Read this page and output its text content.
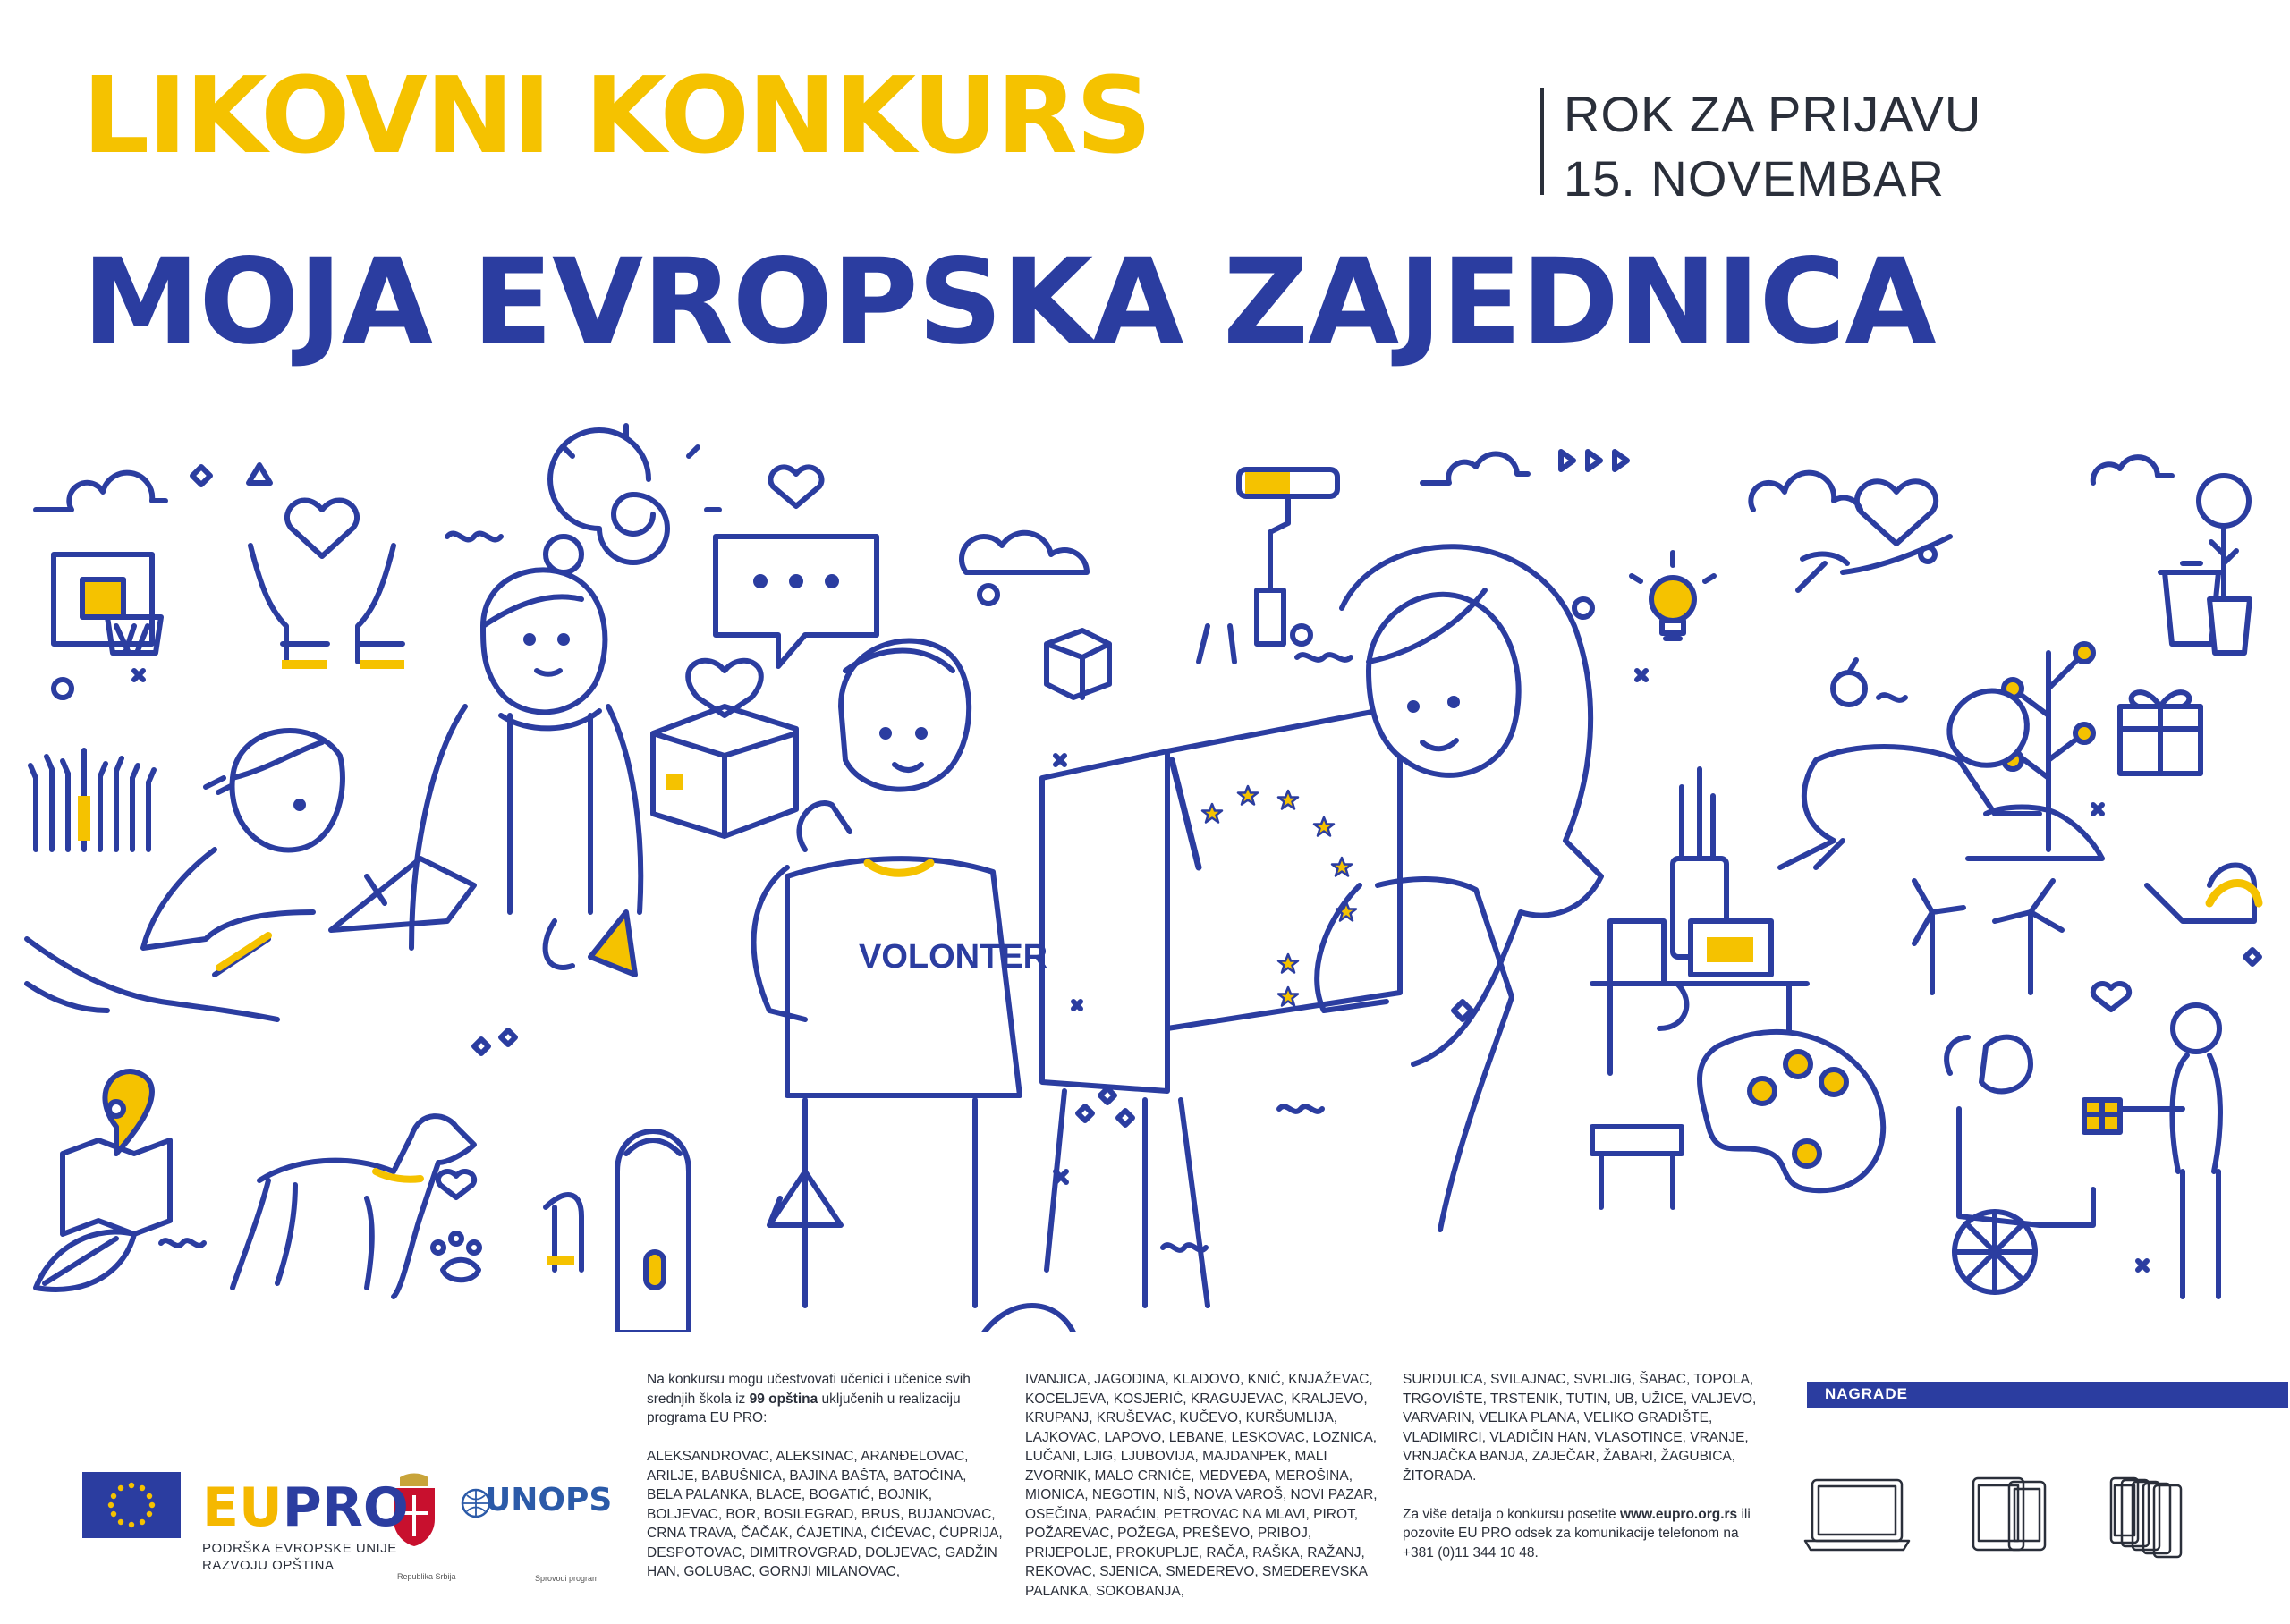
LIKOVNI KONKURS	ROK ZA PRIJAVU
15. NOVEMBAR
MOJA EVROPSKA ZAJEDNICA
VOLONTER

Na konkursu mogu učestvovati učenici i učenice svih srednjih škola iz 99 opština uključenih u realizaciju programa EU PRO:

ALEKSANDROVAC, ALEKSINAC, ARANĐELOVAC, ARILJE, BABUŠNICA, BAJINA BAŠTA, BATOČINA, BELA PALANKA, BLACE, BOGATIĆ, BOJNIK, BOLJEVAC, BOR, BOSILEGRAD, BRUS, BUJANOVAC, CRNA TRAVA, ČAČAK, ĆAJETINA, ĆIĆEVAC, ĆUPRIJA, DESPOTOVAC, DIMITROVGRAD, DOLJEVAC, GADŽIN HAN, GOLUBAC, GORNJI MILANOVAC,

IVANJICA, JAGODINA, KLADOVO, KNIĆ, KNJAŽEVAC, KOCELJEVA, KOSJERIĆ, KRAGUJEVAC, KRALJEVO, KRUPANJ, KRUŠEVAC, KUČEVO, KURŠUMLIJA, LAJKOVAC, LAPOVO, LEBANE, LESKOVAC, LOZNICA, LUČANI, LJIG, LJUBOVIJA, MAJDANPEK, MALI ZVORNIK, MALO CRNIĆE, MEDVEĐA, MEROŠINA, MIONICA, NEGOTIN, NIŠ, NOVA VAROŠ, NOVI PAZAR, OSEČINA, PARAĆIN, PETROVAC NA MLAVI, PIROT, POŽAREVAC, POŽEGA, PREŠEVO, PRIBOJ, PRIJEPOLJE, PROKUPLJE, RAČA, RAŠKA, RAŽANJ, REKOVAC, SJENICA, SMEDEREVO, SMEDEREVSKA PALANKA, SOKOBANJA,

SURDULICA, SVILAJNAC, SVRLJIG, ŠABAC, TOPOLA, TRGOVIŠTE, TRSTENIK, TUTIN, UB, UŽICE, VALJEVO, VARVARIN, VELIKA PLANA, VELIKO GRADIŠTE, VLADIMIRCI, VLADIČIN HAN, VLASOTINCE, VRANJE, VRNJAČKA BANJA, ZAJEČAR, ŽABARI, ŽAGUBICA, ŽITORADA.

Za više detalja o konkursu posetite www.eupro.org.rs ili pozovite EU PRO odsek za komunikacije telefonom na +381 (0)11 344 10 48.

NAGRADE
EUPRO
PODRŠKA EVROPSKE UNIJE
RAZVOJU OPŠTINA
Republika Srbija
UNOPS
Sprovodi program
